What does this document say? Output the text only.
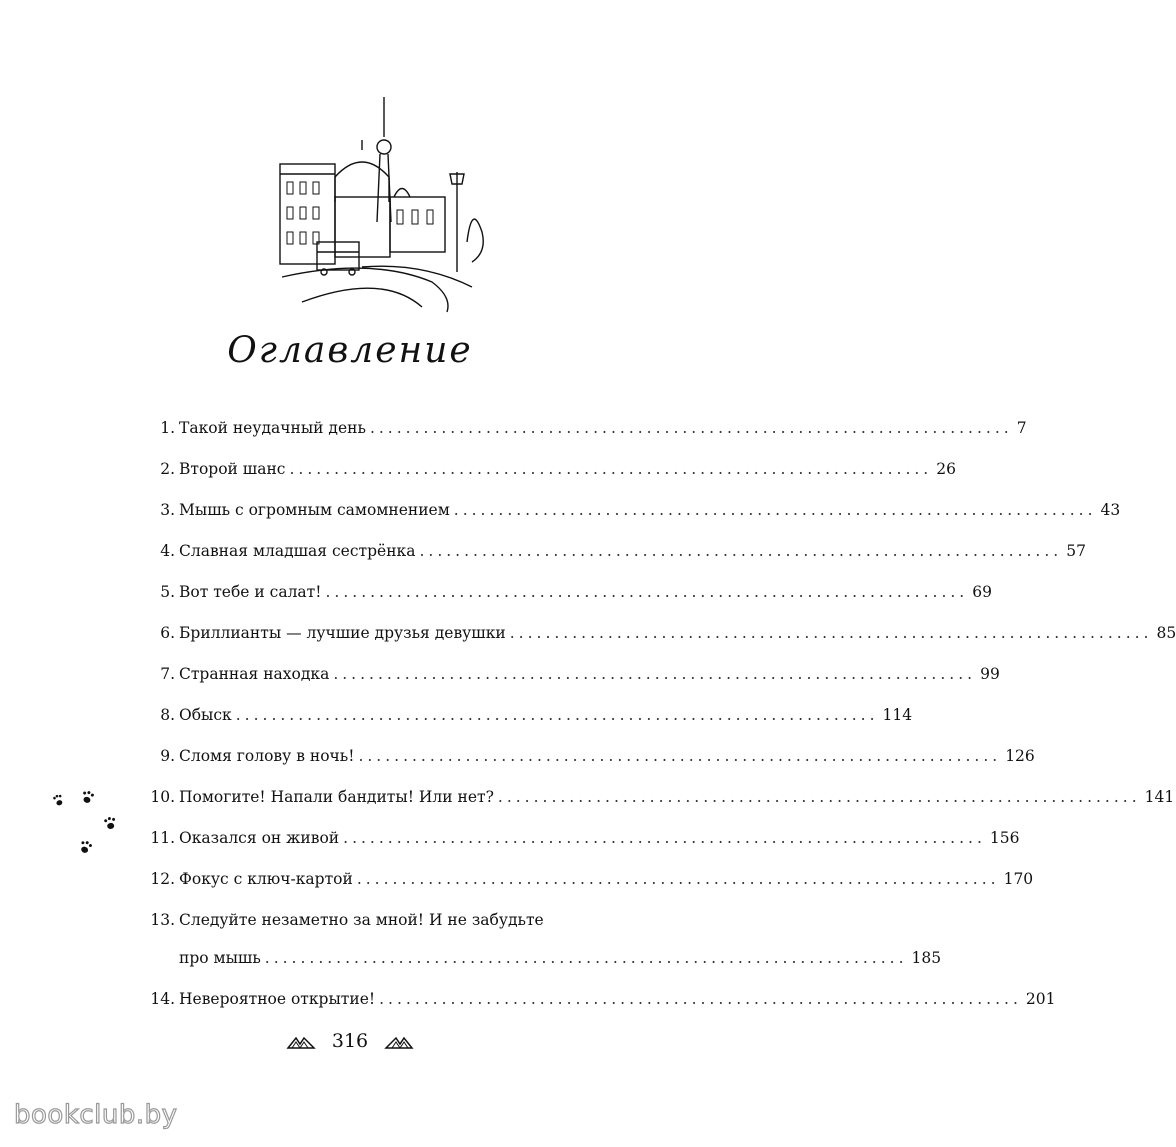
Оглавление
1. Такой неудачный день ........................................................................ 7
2. Второй шанс ........................................................................ 26
3. Мышь с огромным самомнением ........................................................................ 43
4. Славная младшая сестрёнка ........................................................................ 57
5. Вот тебе и салат! ........................................................................ 69
6. Бриллианты — лучшие друзья девушки ........................................................................ 85
7. Странная находка ........................................................................ 99
8. Обыск ........................................................................ 114
9. Сломя голову в ночь! ........................................................................ 126
10. Помогите! Напали бандиты! Или нет? ........................................................................ 141
11. Оказался он живой ........................................................................ 156
12. Фокус с ключ-картой ........................................................................ 170
13. Следуйте незаметно за мной! И не забудьте
про мышь ........................................................................ 185
14. Невероятное открытие! ........................................................................ 201
316
bookclub.by
